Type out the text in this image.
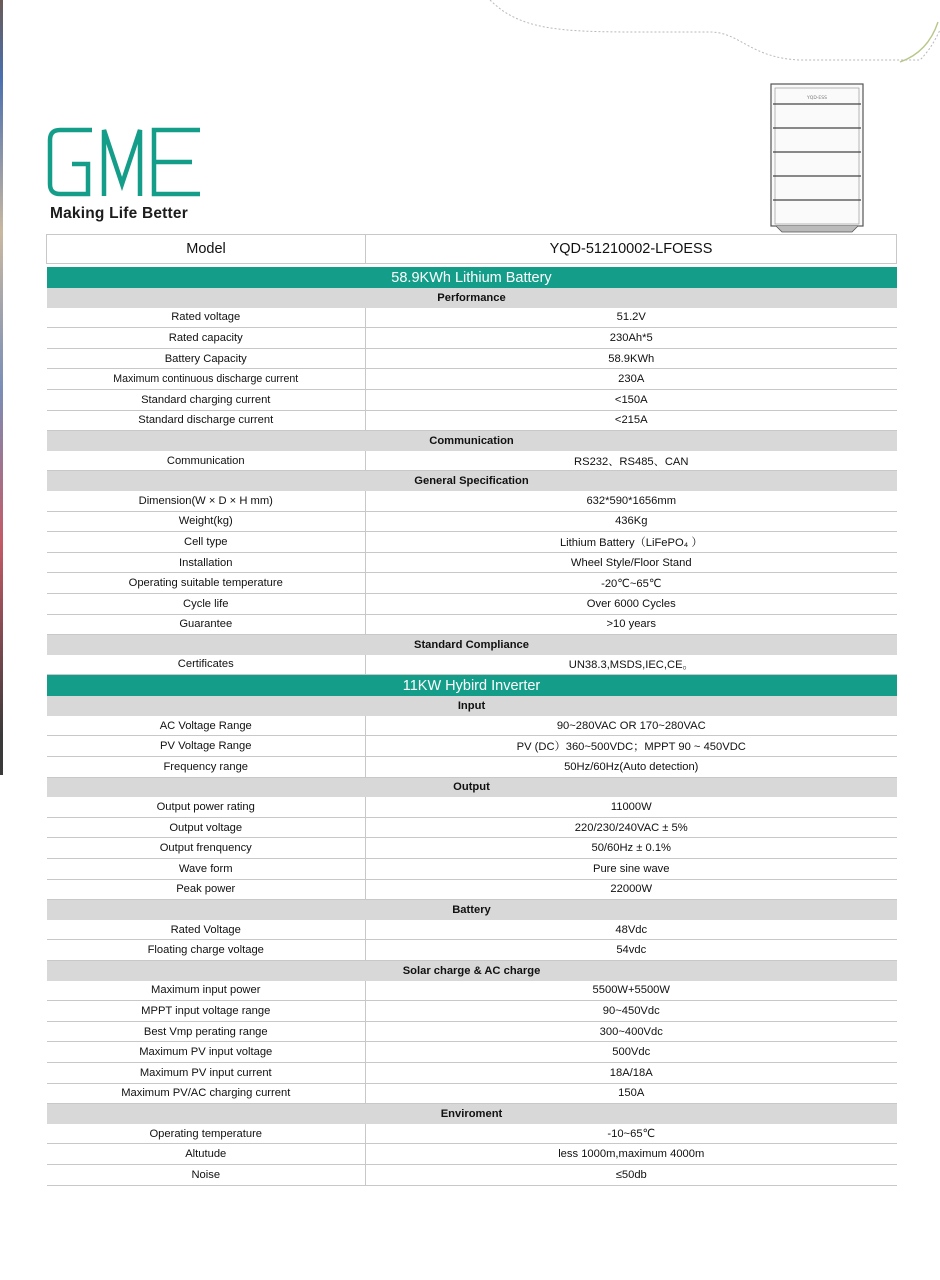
Making Life Better
YQD-ESS
Model	YQD-51210002-LFOESS

58.9KWh Lithium Battery	
Performance	
Rated voltage	51.2V
Rated capacity	230Ah*5
Battery Capacity	58.9KWh
Maximum continuous discharge current	230A
Standard charging current	<150A
Standard discharge current	<215A
Communication	
Communication	RS232、RS485、CAN
General Specification	
Dimension(W × D × H mm)	632*590*1656mm
Weight(kg)	436Kg
Cell type	Lithium Battery（LiFePO₄ ）
Installation	Wheel Style/Floor Stand
Operating suitable temperature	-20℃~65℃
Cycle life	Over 6000 Cycles
Guarantee	>10 years
Standard Compliance	
Certificates	UN38.3,MSDS,IEC,CE。
11KW Hybird Inverter	
Input	
AC Voltage Range	90~280VAC OR 170~280VAC
PV Voltage Range	PV (DC）360~500VDC；MPPT 90 ~ 450VDC
Frequency range	50Hz/60Hz(Auto detection)
Output	
Output power rating	11000W
Output voltage	220/230/240VAC ± 5%
Output frenquency	50/60Hz ± 0.1%
Wave form	Pure sine wave
Peak power	22000W
Battery	
Rated Voltage	48Vdc
Floating charge voltage	54vdc
Solar charge & AC charge	
Maximum input power	5500W+5500W
MPPT input voltage range	90~450Vdc
Best Vmp perating range	300~400Vdc
Maximum PV input voltage	500Vdc
Maximum PV input current	18A/18A
Maximum PV/AC charging current	150A
Enviroment	
Operating temperature	-10~65℃
Altutude	less 1000m,maximum 4000m
Noise	≤50db
